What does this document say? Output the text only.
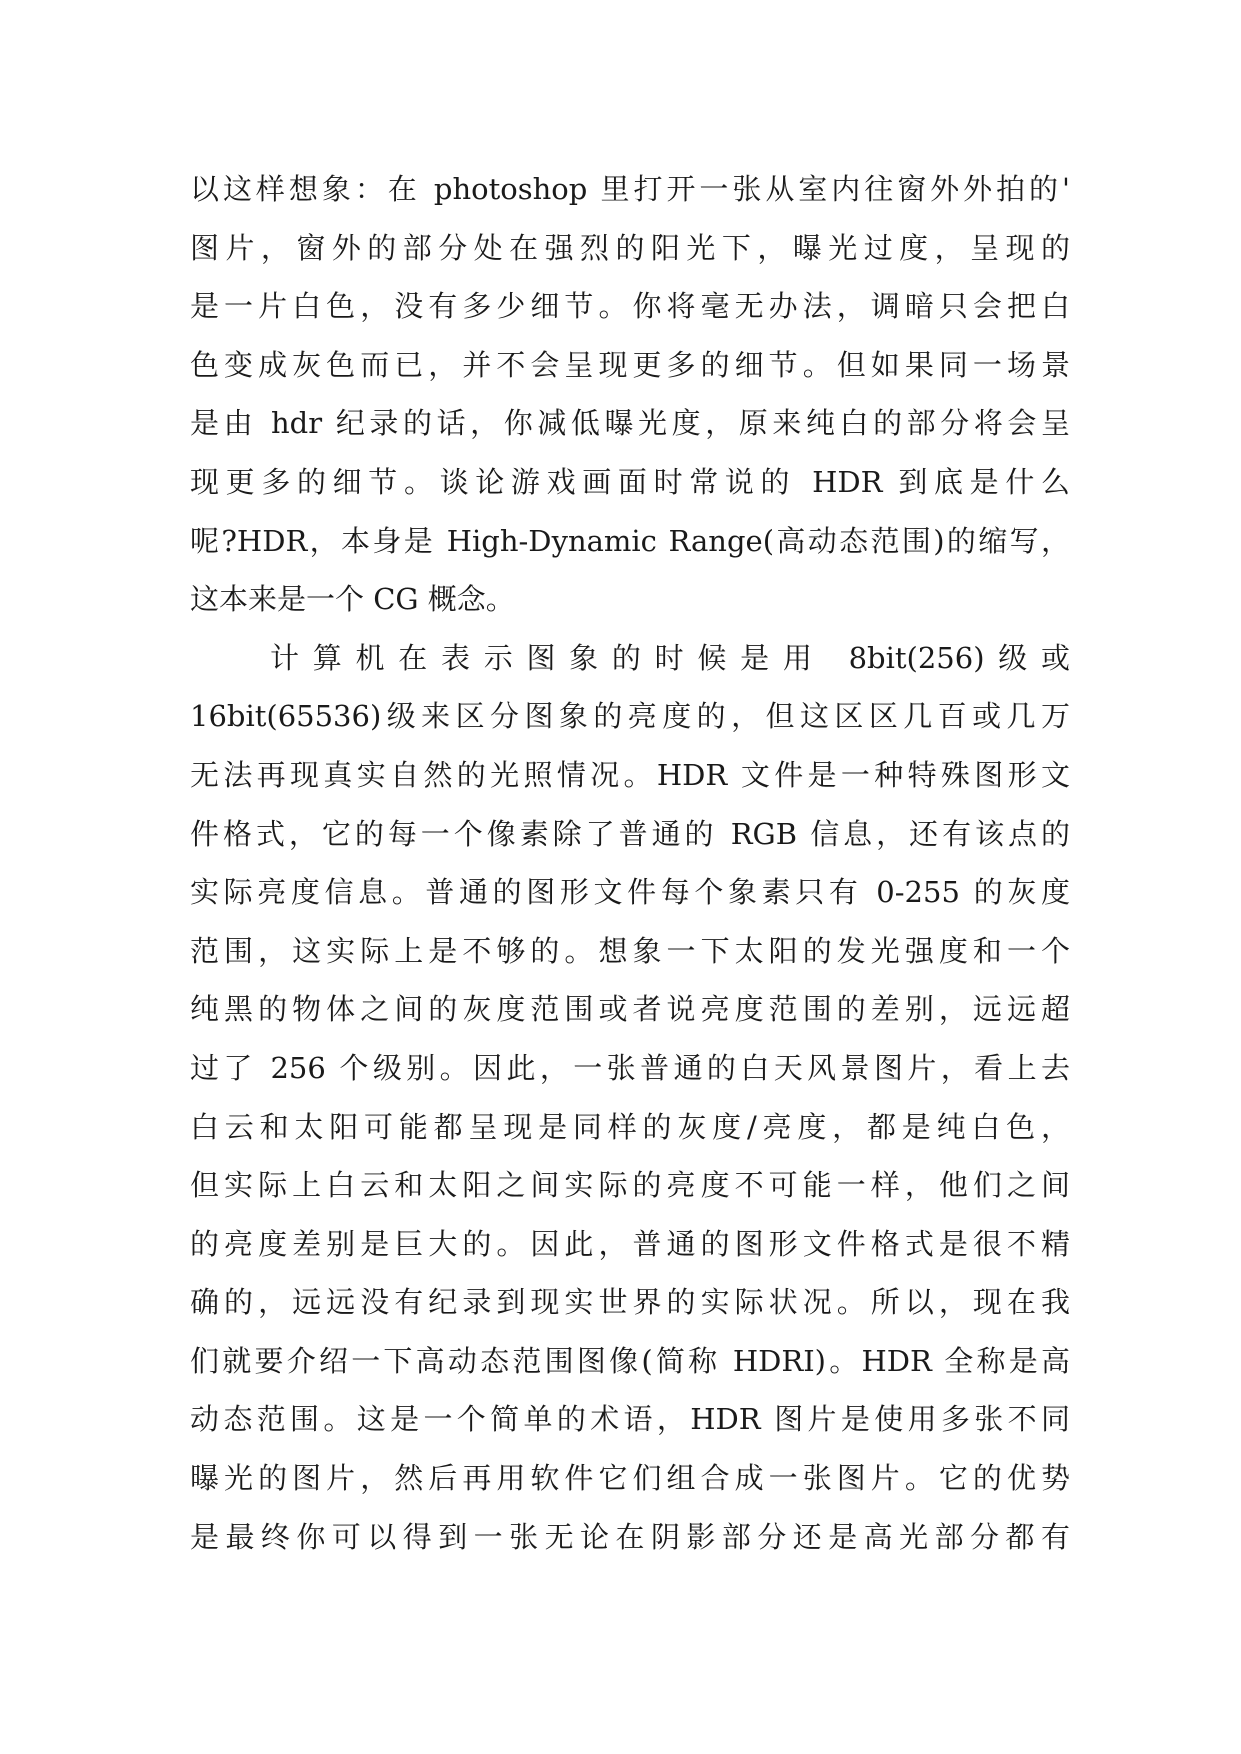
以这样想象：在 photoshop 里打开一张从室内往窗外外拍的'
图片，窗外的部分处在强烈的阳光下，曝光过度，呈现的
是一片白色，没有多少细节。你将毫无办法，调暗只会把白
色变成灰色而已，并不会呈现更多的细节。但如果同一场景
是由 hdr 纪录的话，你减低曝光度，原来纯白的部分将会呈
现更多的细节。谈论游戏画面时常说的 HDR 到底是什么
呢?HDR，本身是 High-Dynamic Range(高动态范围)的缩写，
这本来是一个 CG 概念。
计算机在表示图象的时候是用 8bit(256)级或
16bit(65536)级来区分图象的亮度的，但这区区几百或几万
无法再现真实自然的光照情况。HDR 文件是一种特殊图形文
件格式，它的每一个像素除了普通的 RGB 信息，还有该点的
实际亮度信息。普通的图形文件每个象素只有 0-255 的灰度
范围，这实际上是不够的。想象一下太阳的发光强度和一个
纯黑的物体之间的灰度范围或者说亮度范围的差别，远远超
过了 256 个级别。因此，一张普通的白天风景图片，看上去
白云和太阳可能都呈现是同样的灰度/亮度，都是纯白色，
但实际上白云和太阳之间实际的亮度不可能一样，他们之间
的亮度差别是巨大的。因此，普通的图形文件格式是很不精
确的，远远没有纪录到现实世界的实际状况。所以，现在我
们就要介绍一下高动态范围图像(简称 HDRI)。HDR 全称是高
动态范围。这是一个简单的术语，HDR 图片是使用多张不同
曝光的图片，然后再用软件它们组合成一张图片。它的优势
是最终你可以得到一张无论在阴影部分还是高光部分都有
